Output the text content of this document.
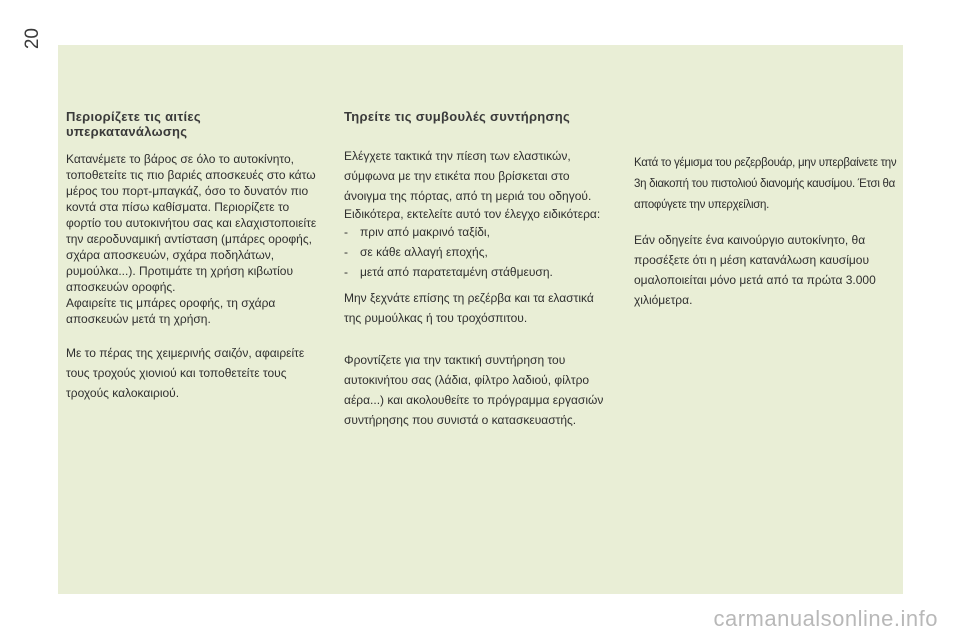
20
Περιορίζετε τις αιτίες υπερκατανάλωσης

Κατανέμετε το βάρος σε όλο το αυτοκίνητο, τοποθετείτε τις πιο βαριές αποσκευές στο κάτω μέρος του πορτ-μπαγκάζ, όσο το δυνατόν πιο κοντά στα πίσω καθίσματα. Περιορίζετε το φορτίο του αυτοκινήτου σας και ελαχιστοποιείτε την αεροδυναμική αντίσταση (μπάρες οροφής, σχάρα αποσκευών, σχάρα ποδηλάτων, ρυμούλκα...). Προτιμάτε τη χρήση κιβωτίου αποσκευών οροφής.

Αφαιρείτε τις μπάρες οροφής, τη σχάρα αποσκευών μετά τη χρήση.

Με το πέρας της χειμερινής σαιζόν, αφαιρείτε τους τροχούς χιονιού και τοποθετείτε τους τροχούς καλοκαιριού.

Τηρείτε τις συμβουλές συντήρησης

Ελέγχετε τακτικά την πίεση των ελαστικών, σύμφωνα με την ετικέτα που βρίσκεται στο άνοιγμα της πόρτας, από τη μεριά του οδηγού.

Ειδικότερα, εκτελείτε αυτό τον έλεγχο ειδικότερα:

- πριν από μακρινό ταξίδι,
- σε κάθε αλλαγή εποχής,
- μετά από παρατεταμένη στάθμευση.

Μην ξεχνάτε επίσης τη ρεζέρβα και τα ελαστικά της ρυμούλκας ή του τροχόσπιτου.

Φροντίζετε για την τακτική συντήρηση του αυτοκινήτου σας (λάδια, φίλτρο λαδιού, φίλτρο αέρα...) και ακολουθείτε το πρόγραμμα εργασιών συντήρησης που συνιστά ο κατασκευαστής.

Κατά το γέμισμα του ρεζερβουάρ, μην υπερβαίνετε την 3η διακοπή του πιστολιού διανομής καυσίμου. Έτσι θα αποφύγετε την υπερχείλιση.

Εάν οδηγείτε ένα καινούργιο αυτοκίνητο, θα προσέξετε ότι η μέση κατανάλωση καυσίμου ομαλοποιείται μόνο μετά από τα πρώτα 3.000 χιλιόμετρα.

carmanualsonline.info
